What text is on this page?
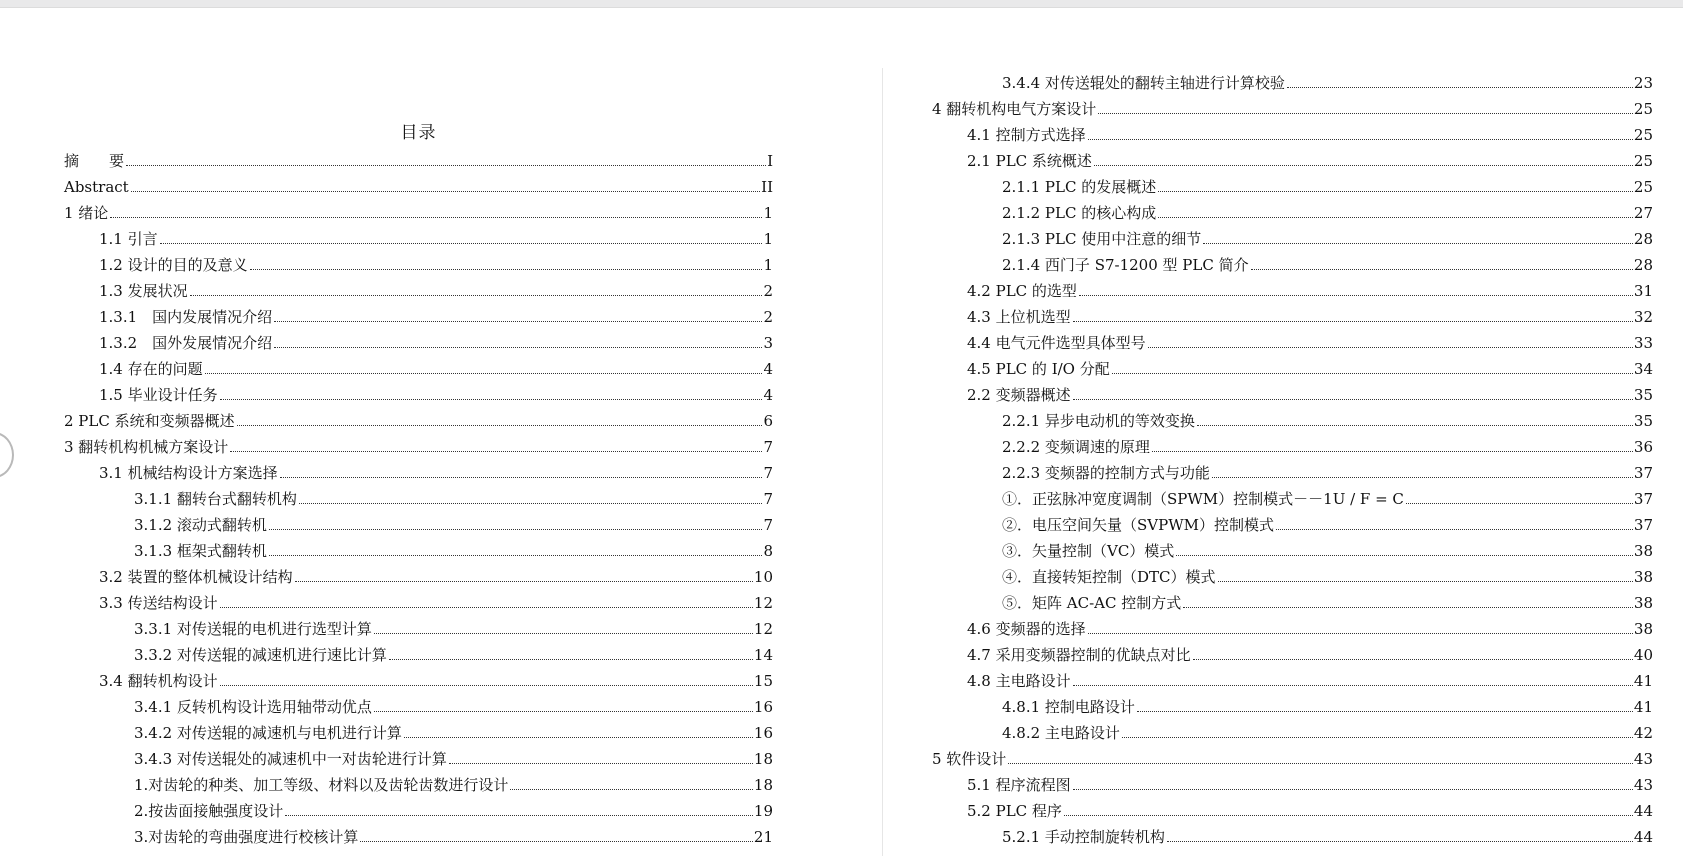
目录
摘　　要	I
Abstract	II
1 绪论	1
1.1 引言	1
1.2 设计的目的及意义	1
1.3 发展状况	2
1.3.1　国内发展情况介绍	2
1.3.2　国外发展情况介绍	3
1.4 存在的问题	4
1.5 毕业设计任务	4
2 PLC 系统和变频器概述	6
3 翻转机构机械方案设计	7
3.1 机械结构设计方案选择	7
3.1.1 翻转台式翻转机构	7
3.1.2 滚动式翻转机	7
3.1.3 框架式翻转机	8
3.2 装置的整体机械设计结构	10
3.3 传送结构设计	12
3.3.1 对传送辊的电机进行选型计算	12
3.3.2 对传送辊的减速机进行速比计算	14
3.4 翻转机构设计	15
3.4.1 反转机构设计选用轴带动优点	16
3.4.2 对传送辊的减速机与电机进行计算	16
3.4.3 对传送辊处的减速机中一对齿轮进行计算	18
1.对齿轮的种类、加工等级、材料以及齿轮齿数进行设计	18
2.按齿面接触强度设计	19
3.对齿轮的弯曲强度进行校核计算	21
3.4.4 对传送辊处的翻转主轴进行计算校验	23
4 翻转机构电气方案设计	25
4.1 控制方式选择	25
2.1 PLC 系统概述	25
2.1.1 PLC 的发展概述	25
2.1.2 PLC 的核心构成	27
2.1.3 PLC 使用中注意的细节	28
2.1.4 西门子 S7-1200 型 PLC 简介	28
4.2 PLC 的选型	31
4.3 上位机选型	32
4.4 电气元件选型具体型号	33
4.5 PLC 的 I/O 分配	34
2.2 变频器概述	35
2.2.1 异步电动机的等效变换	35
2.2.2 变频调速的原理	36
2.2.3 变频器的控制方式与功能	37
①．正弦脉冲宽度调制（SPWM）控制模式－－1U / F = C	37
②．电压空间矢量（SVPWM）控制模式	37
③．矢量控制（VC）模式	38
④．直接转矩控制（DTC）模式	38
⑤．矩阵 AC-AC 控制方式	38
4.6 变频器的选择	38
4.7 采用变频器控制的优缺点对比	40
4.8 主电路设计	41
4.8.1 控制电路设计	41
4.8.2 主电路设计	42
5 软件设计	43
5.1 程序流程图	43
5.2 PLC 程序	44
5.2.1 手动控制旋转机构	44
